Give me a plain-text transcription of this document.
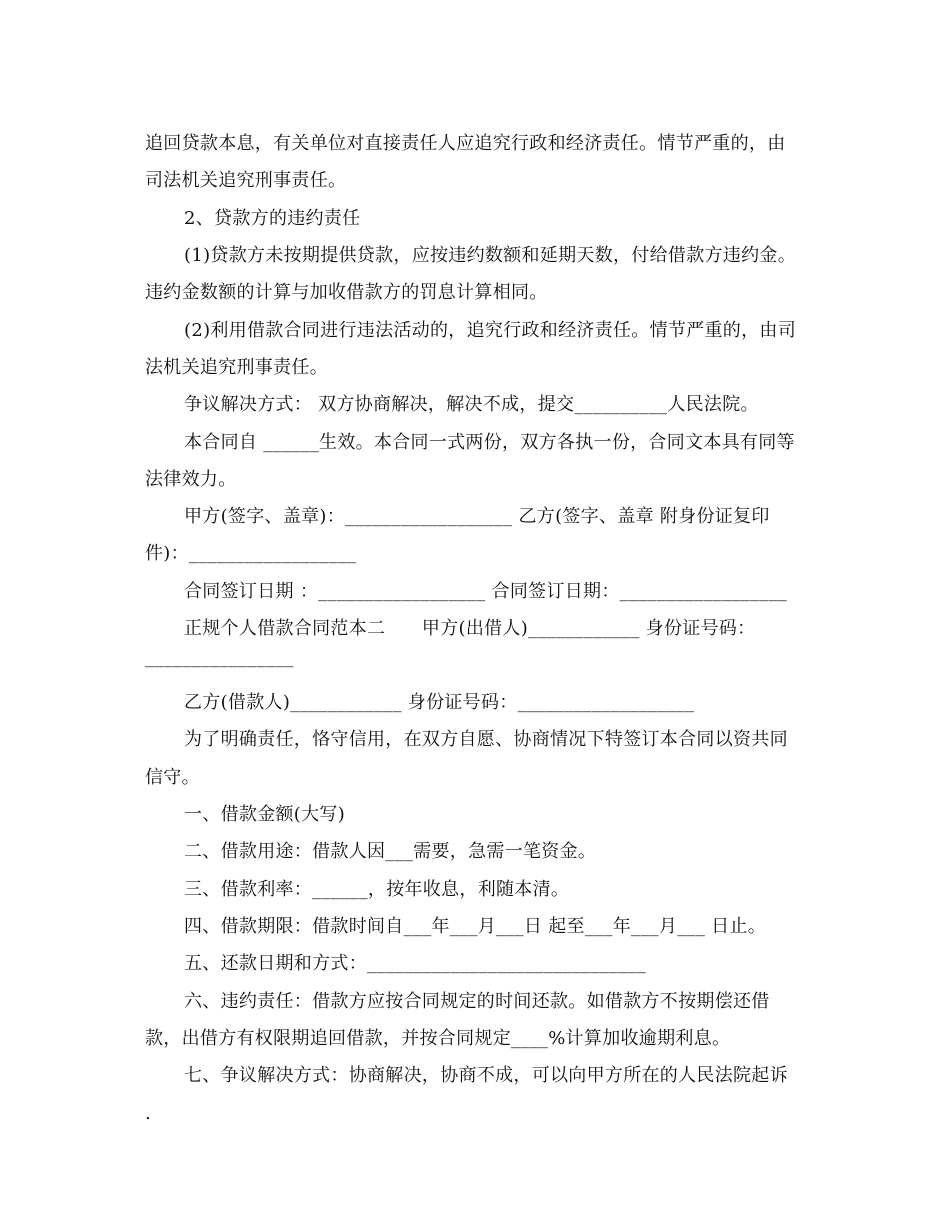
追回贷款本息，有关单位对直接责任人应追究行政和经济责任。情节严重的，由
司法机关追究刑事责任。
2、贷款方的违约责任
(1)贷款方未按期提供贷款，应按违约数额和延期天数，付给借款方违约金。
违约金数额的计算与加收借款方的罚息计算相同。
(2)利用借款合同进行违法活动的，追究行政和经济责任。情节严重的，由司
法机关追究刑事责任。
争议解决方式： 双方协商解决，解决不成，提交__________人民法院。
本合同自 ______生效。本合同一式两份，双方各执一份，合同文本具有同等
法律效力。
甲方(签字、盖章)：__________________ 乙方(签字、盖章 附身份证复印
件)：__________________
合同签订日期 ：__________________ 合同签订日期：__________________
正规个人借款合同范本二　　甲方(出借人)____________ 身份证号码：
________________
乙方(借款人)____________ 身份证号码：___________________
为了明确责任，恪守信用，在双方自愿、协商情况下特签订本合同以资共同
信守。
一、借款金额(大写)
二、借款用途：借款人因___需要，急需一笔资金。
三、借款利率：______，按年收息，利随本清。
四、借款期限：借款时间自___年___月___日 起至___年___月___ 日止。
五、还款日期和方式：______________________________
六、违约责任：借款方应按合同规定的时间还款。如借款方不按期偿还借
款，出借方有权限期追回借款，并按合同规定____%计算加收逾期利息。
七、争议解决方式：协商解决，协商不成，可以向甲方所在的人民法院起诉
.
